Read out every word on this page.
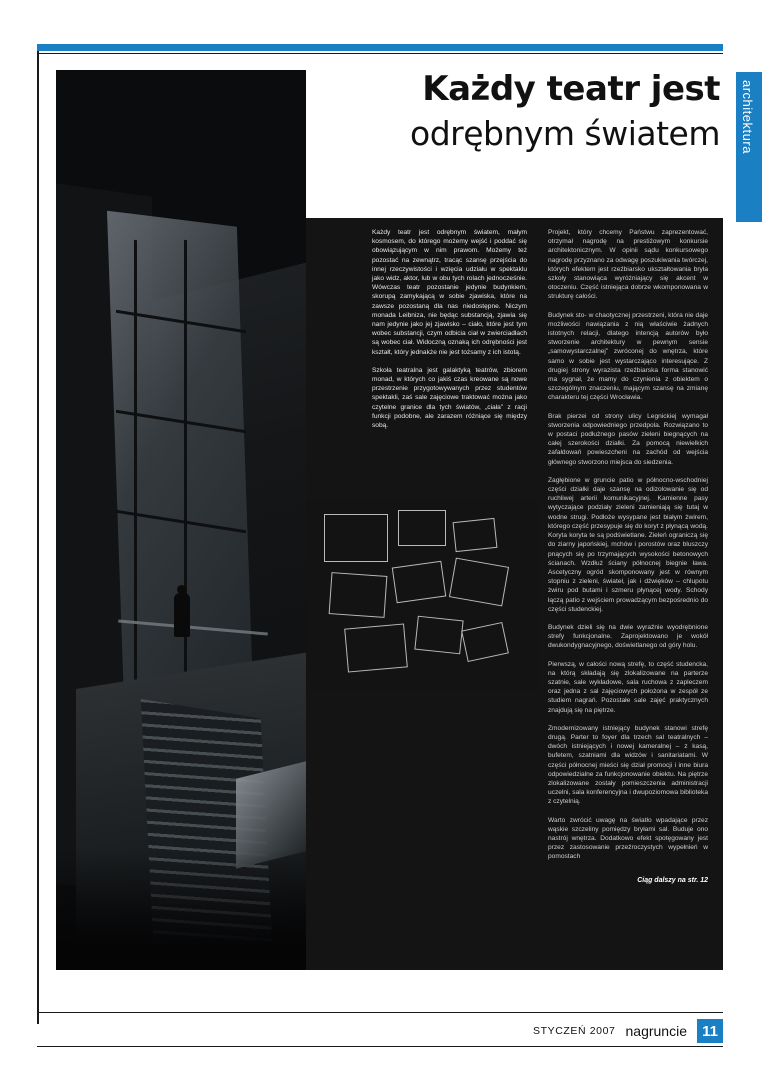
architektura
Każdy teatr jest
odrębnym światem

Każdy teatr jest odrębnym światem, małym kosmosem, do którego możemy wejść i poddać się obowiązującym w nim prawom. Możemy też pozostać na zewnątrz, tracąc szansę przejścia do innej rzeczywistości i wzięcia udziału w spektaklu jako widz, aktor, lub w obu tych rolach jednocześnie. Wówczas teatr pozostanie jedynie budynkiem, skorupą zamykającą w sobie zjawiska, które na zawsze pozostaną dla nas niedostępne. Niczym monada Leibniza, nie będąc substancją, zjawia się nam jedynie jako jej zjawisko – ciało, które jest tym wobec substancji, czym odbicia ciał w zwierciadłach są wobec ciał. Widoczną oznaką ich odrębności jest kształt, który jednakże nie jest tożsamy z ich istotą.

Szkoła teatralna jest galaktyką teatrów, zbiorem monad, w których co jakiś czas kreowane są nowe przestrzenie przygotowywanych przez studentów spektakli, zaś sale zajęciowe traktować można jako czytelne granice dla tych światów, „ciała” z racji funkcji podobne, ale zarazem różniące się między sobą.

Projekt, który chcemy Państwu zaprezentować, otrzymał nagrodę na prestiżowym konkursie architektonicznym. W opinii sądu konkursowego nagrodę przyznano za odwagę poszukiwania twórczej, których efektem jest rzeźbiarsko ukształtowania bryła szkoły stanowiąca wyróżniający się akcent w otoczeniu. Część istniejąca dobrze wkomponowana w strukturę całości.

Budynek sto- w chaotycznej przestrzeni, która nie daje możliwości nawiązania z nią właściwie żadnych istotnych relacji, dlatego intencją autorów było stworzenie architektury w pewnym sensie „samowystarczalnej” zwróconej do wnętrza, które samo w sobie jest wystarczająco interesujące. Z drugiej strony wyrazista rzeźbiarska forma stanowić ma sygnał, że mamy do czynienia z obiektem o szczególnym znaczeniu, mającym szansę na zmianę charakteru tej części Wrocławia.

Brak pierzei od strony ulicy Legnickiej wymagał stworzenia odpowiedniego przedpola. Rozwiązano to w postaci podłużnego pasów zieleni biegnących na całej szerokości działki. Za pomocą niewielkich zafałdowań powieszcheni na zachód od wejścia głównego stworzono miejsca do siedzenia.

Zagłębione w gruncie patio w północno-wschodniej części działki daje szansę na odizolowanie się od ruchliwej arterii komunikacyjnej. Kamienne pasy wytyczające podziały zieleni zamieniają się tutaj w wodne strugi. Podłoże wysypane jest białym żwirem, którego część przesypuje się do koryt z płynącą wodą. Koryta koryta te są podświetlane. Zieleń ograniczą się do ziarny japońskiej, mchów i porostów oraz bluszczy pnących się po trzymających wysokości betonowych ścianach. Wzdłuż ściany północnej biegnie ława. Ascetyczny ogród skomponowany jest w równym stopniu z zieleni, świateł, jak i dźwięków – chlupotu żwiru pod butami i szmeru płynącej wody. Schody łączą patio z wejściem prowadzącym bezpośrednio do części studenckiej.

Budynek dzieli się na dwie wyraźnie wyodrębnione strefy funkcjonalne. Zaprojektowano je wokół dwukondygnacyjnego, doświetlanego od góry holu.

Pierwszą, w całości nową strefę, to część studencka, na którą składają się zlokalizowane na parterze szatnie, sale wykładowe, sala ruchowa z zapleczem oraz jedna z sal zajęciowych położona w zespół ze studiem nagrań. Pozostałe sale zajęć praktycznych znajdują się na piętrze.

Zmodernizowany istniejący budynek stanowi strefę drugą. Parter to foyer dla trzech sal teatralnych – dwóch istniejących i nowej kameralnej – z kasą, bufetem, szatniami dla widzów i sanitariatami. W części północnej mieści się dział promocji i inne biura odpowiedzialne za funkcjonowanie obiektu. Na piętrze zlokalizowane zostały pomieszczenia administracji uczelni, sala konferencyjna i dwupoziomowa biblioteka z czytelnią.

Warto zwrócić uwagę na światło wpadające przez wąskie szczeliny pomiędzy bryłami sal. Buduje ono nastrój wnętrza. Dodatkowo efekt spotęgowany jest przez zastosowanie przeźroczystych wypełnień w pomostach

Ciąg dalszy na str. 12
STYCZEŃ 2007 nagruncie	11
